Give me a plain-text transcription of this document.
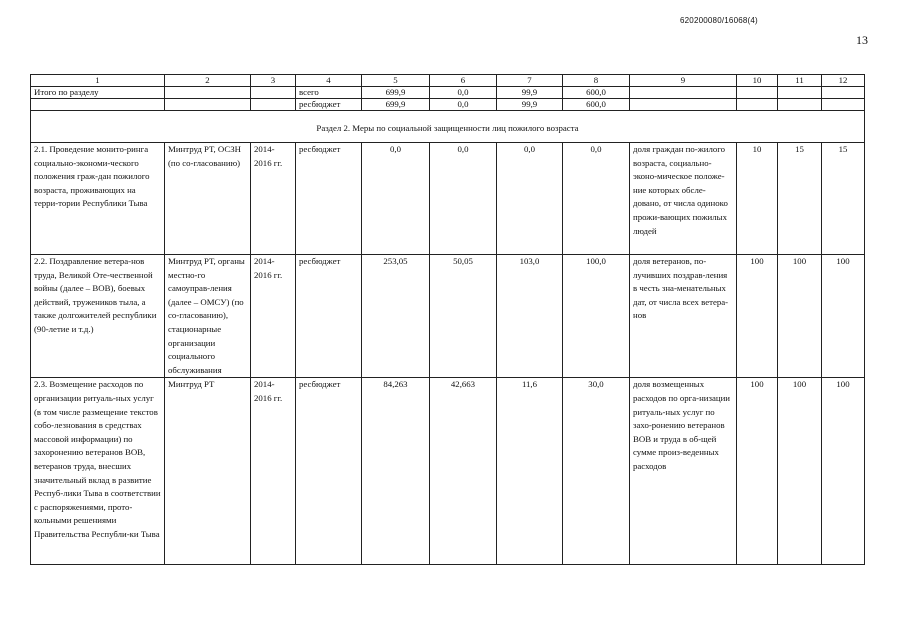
620200080/16068(4)
13
1	2	3	4	5	6	7	8	9	10	11	12
Итого по разделу			всего	699,9	0,0	99,9	600,0				
			ресбюджет	699,9	0,0	99,9	600,0				
Раздел 2. Меры по социальной защищенности лиц пожилого возраста											
2.1. Проведение монито-ринга социально-экономи-ческого положения граж-дан пожилого возраста, проживающих на терри-тории Республики Тыва	Минтруд РТ, ОСЗН (по со-гласованию)	2014-2016 гг.	ресбюджет	0,0	0,0	0,0	0,0	доля граждан по-жилого возраста, социально- эконо-мическое положе-ние которых обсле-довано, от числа одиноко прожи-вающих пожилых людей	10	15	15
2.2. Поздравление ветера-нов труда, Великой Оте-чественной войны (далее – ВОВ), боевых действий, тружеников тыла, а также долгожителей республики (90-летие и т.д.)	Минтруд РТ, органы местно-го самоуправ-ления (далее – ОМСУ) (по со-гласованию), стационарные организации социального обслуживания	2014-2016 гг.	ресбюджет	253,05	50,05	103,0	100,0	доля ветеранов, по-лучивших поздрав-ления в честь зна-менательных дат, от числа всех ветера-нов	100	100	100
2.3. Возмещение расходов по организации ритуаль-ных услуг (в том числе размещение текстов собо-лезнования в средствах массовой информации) по захоронению ветеранов ВОВ, ветеранов труда, внесших значительный вклад в развитие Респуб-лики Тыва в соответствии с распоряжениями, прото-кольными решениями Правительства Республи-ки Тыва	Минтруд РТ	2014-2016 гг.	ресбюджет	84,263	42,663	11,6	30,0	доля возмещенных расходов по орга-низации ритуаль-ных услуг по захо-ронению ветеранов ВОВ и труда в об-щей сумме произ-веденных расходов	100	100	100
